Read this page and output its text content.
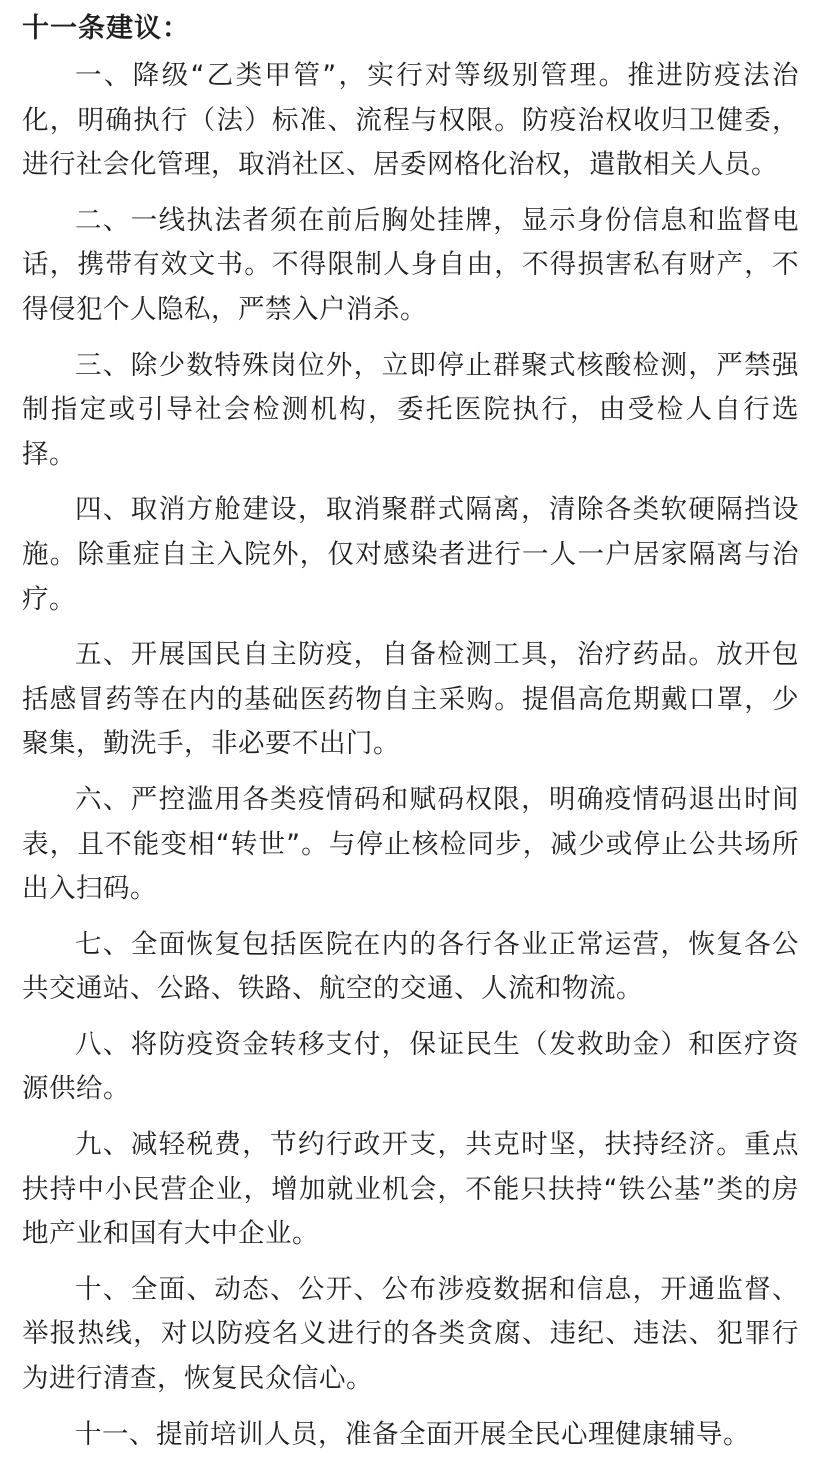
十一条建议：

一、降级“乙类甲管”，实行对等级别管理。推进防疫法治化，明确执行（法）标准、流程与权限。防疫治权收归卫健委，进行社会化管理，取消社区、居委网格化治权，遣散相关人员。

二、一线执法者须在前后胸处挂牌，显示身份信息和监督电话，携带有效文书。不得限制人身自由，不得损害私有财产，不得侵犯个人隐私，严禁入户消杀。

三、除少数特殊岗位外，立即停止群聚式核酸检测，严禁强制指定或引导社会检测机构，委托医院执行，由受检人自行选择。

四、取消方舱建设，取消聚群式隔离，清除各类软硬隔挡设施。除重症自主入院外，仅对感染者进行一人一户居家隔离与治疗。

五、开展国民自主防疫，自备检测工具，治疗药品。放开包括感冒药等在内的基础医药物自主采购。提倡高危期戴口罩，少聚集，勤洗手，非必要不出门。

六、严控滥用各类疫情码和赋码权限，明确疫情码退出时间表，且不能变相“转世”。与停止核检同步，减少或停止公共场所出入扫码。

七、全面恢复包括医院在内的各行各业正常运营，恢复各公共交通站、公路、铁路、航空的交通、人流和物流。

八、将防疫资金转移支付，保证民生（发救助金）和医疗资源供给。

九、减轻税费，节约行政开支，共克时坚，扶持经济。重点扶持中小民营企业，增加就业机会，不能只扶持“铁公基”类的房地产业和国有大中企业。

十、全面、动态、公开、公布涉疫数据和信息，开通监督、举报热线，对以防疫名义进行的各类贪腐、违纪、违法、犯罪行为进行清查，恢复民众信心。

十一、提前培训人员，准备全面开展全民心理健康辅导。
